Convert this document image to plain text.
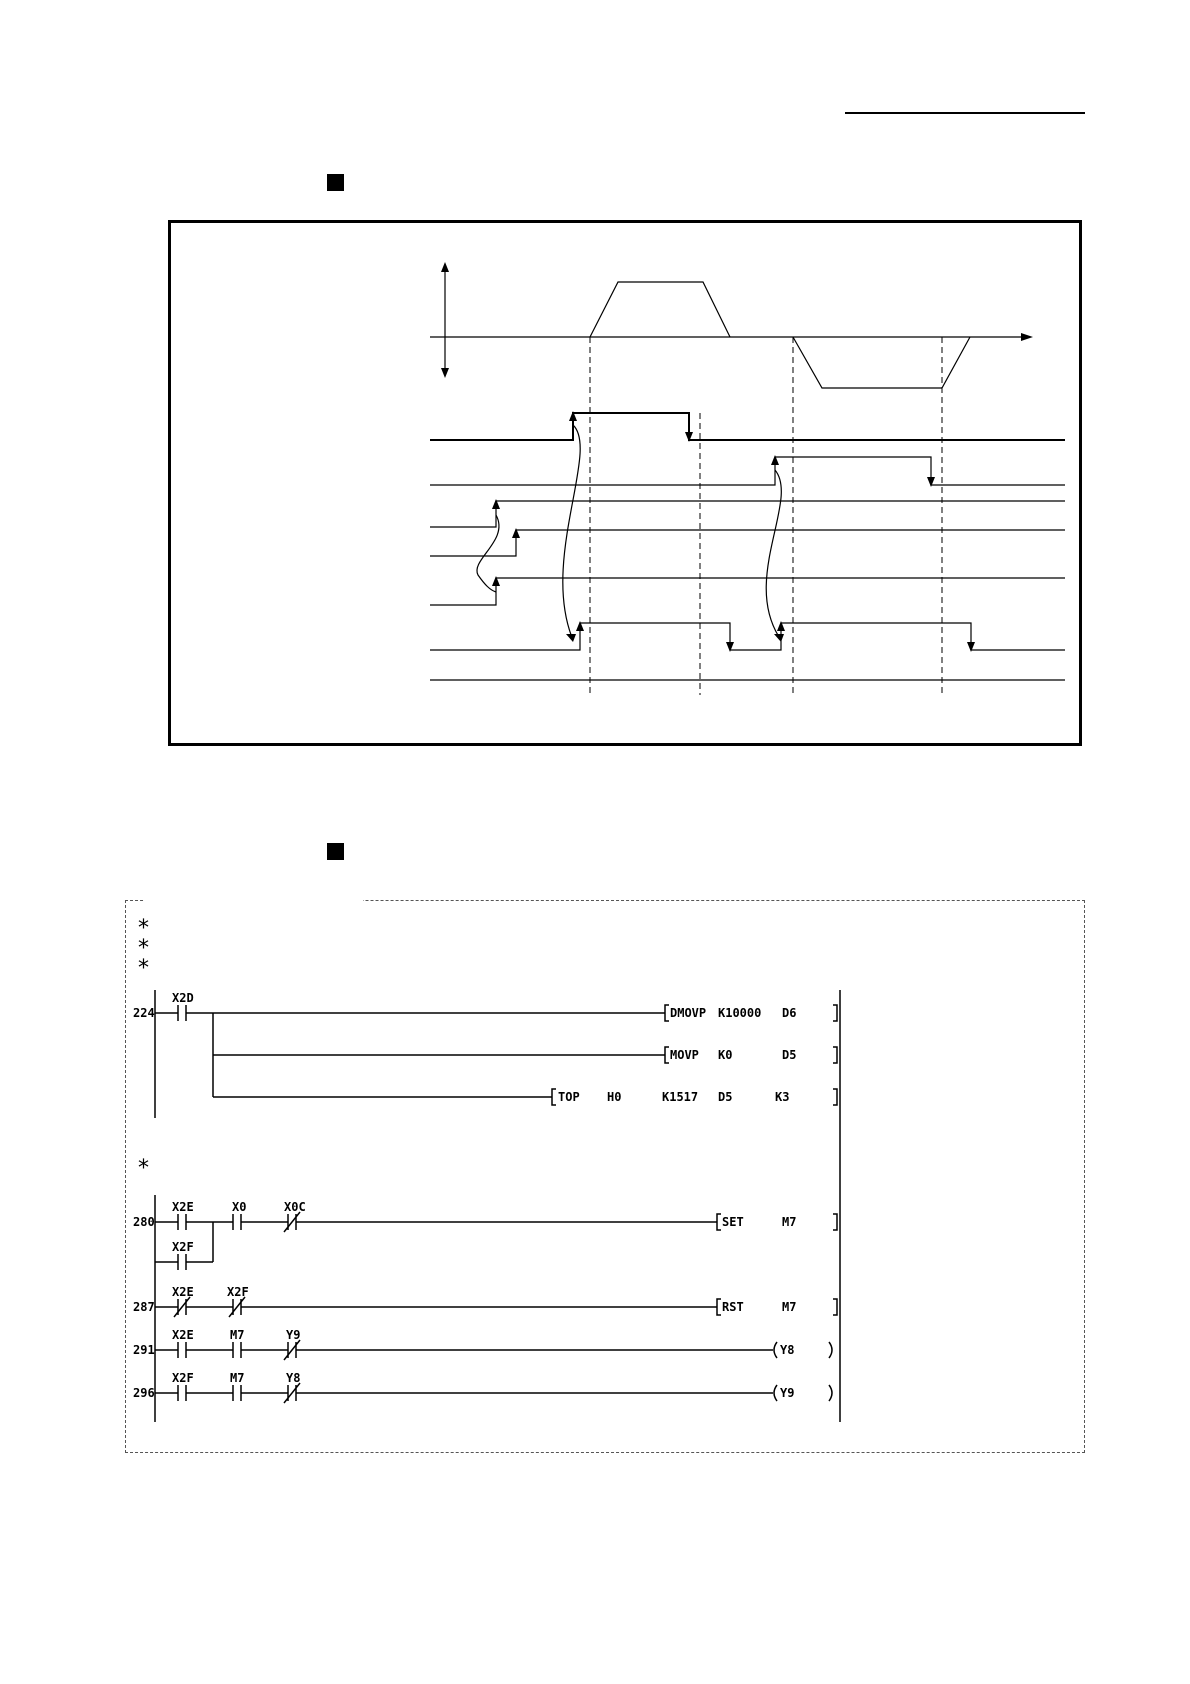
*
*
*
*
224
280
287
291
296
X2D
DMOVP K10000 D6
MOVP K0	D5
TOP H0	K1517 D5	K3
X2E	X0	X0C
X2F
SET	M7
X2E	X2F
RST	M7
X2E	M7	Y9
Y8
X2F	M7	Y8
Y9
